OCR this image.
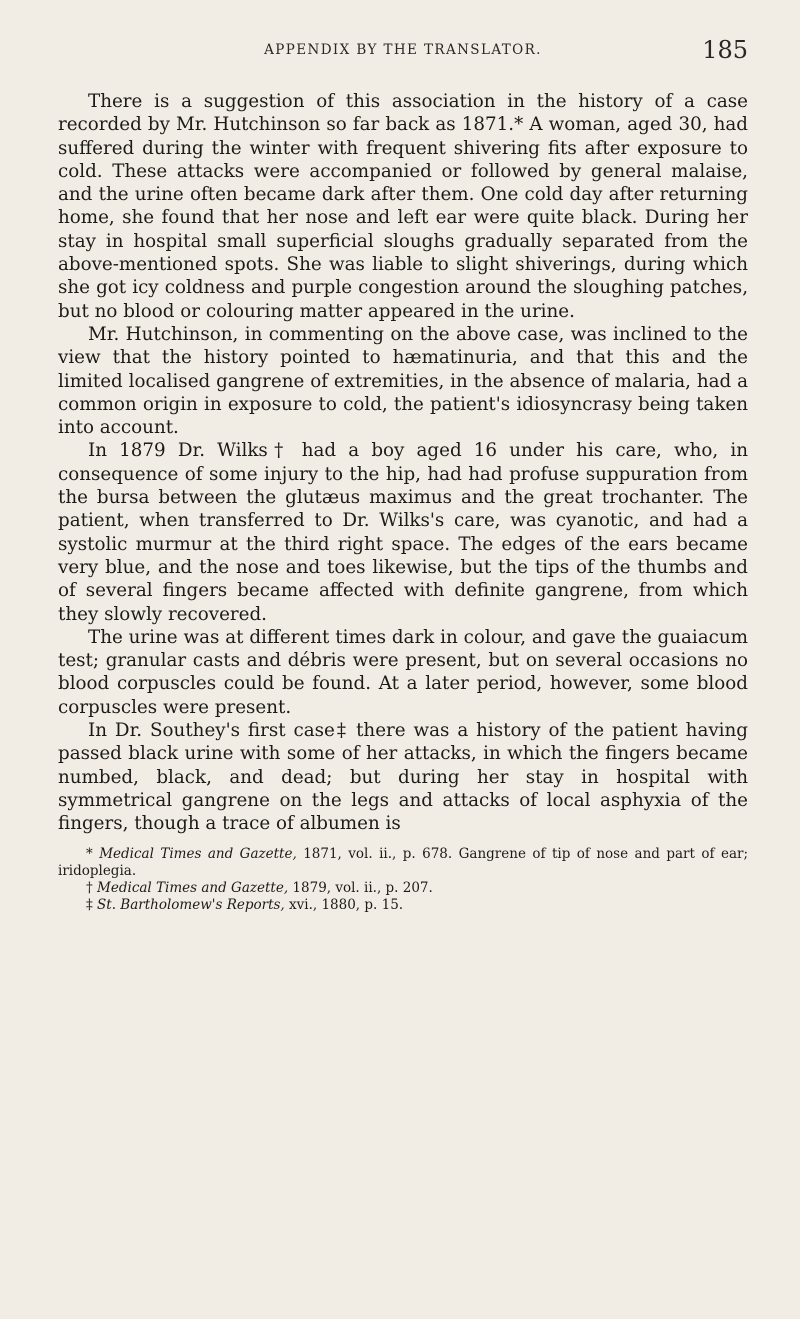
APPENDIX BY THE TRANSLATOR.	185

There is a suggestion of this association in the history of a case recorded by Mr. Hutchinson so far back as 1871.* A woman, aged 30, had suffered during the winter with frequent shivering fits after exposure to cold. These attacks were accompanied or followed by general malaise, and the urine often became dark after them. One cold day after returning home, she found that her nose and left ear were quite black. During her stay in hospital small superficial sloughs gradually separated from the above-mentioned spots. She was liable to slight shiverings, during which she got icy coldness and purple congestion around the sloughing patches, but no blood or colouring matter appeared in the urine.

Mr. Hutchinson, in commenting on the above case, was inclined to the view that the history pointed to hæmatinuria, and that this and the limited localised gangrene of extremities, in the absence of malaria, had a common origin in exposure to cold, the patient's idiosyncrasy being taken into account.

In 1879 Dr. Wilks† had a boy aged 16 under his care, who, in consequence of some injury to the hip, had had profuse suppuration from the bursa between the glutæus maximus and the great trochanter. The patient, when transferred to Dr. Wilks's care, was cyanotic, and had a systolic murmur at the third right space. The edges of the ears became very blue, and the nose and toes likewise, but the tips of the thumbs and of several fingers became affected with definite gangrene, from which they slowly recovered.

The urine was at different times dark in colour, and gave the guaiacum test; granular casts and débris were present, but on several occasions no blood corpuscles could be found. At a later period, however, some blood corpuscles were present.

In Dr. Southey's first case‡ there was a history of the patient having passed black urine with some of her attacks, in which the fingers became numbed, black, and dead; but during her stay in hospital with symmetrical gangrene on the legs and attacks of local asphyxia of the fingers, though a trace of albumen is

* Medical Times and Gazette, 1871, vol. ii., p. 678. Gangrene of tip of nose and part of ear; iridoplegia.

† Medical Times and Gazette, 1879, vol. ii., p. 207.

‡ St. Bartholomew's Reports, xvi., 1880, p. 15.
